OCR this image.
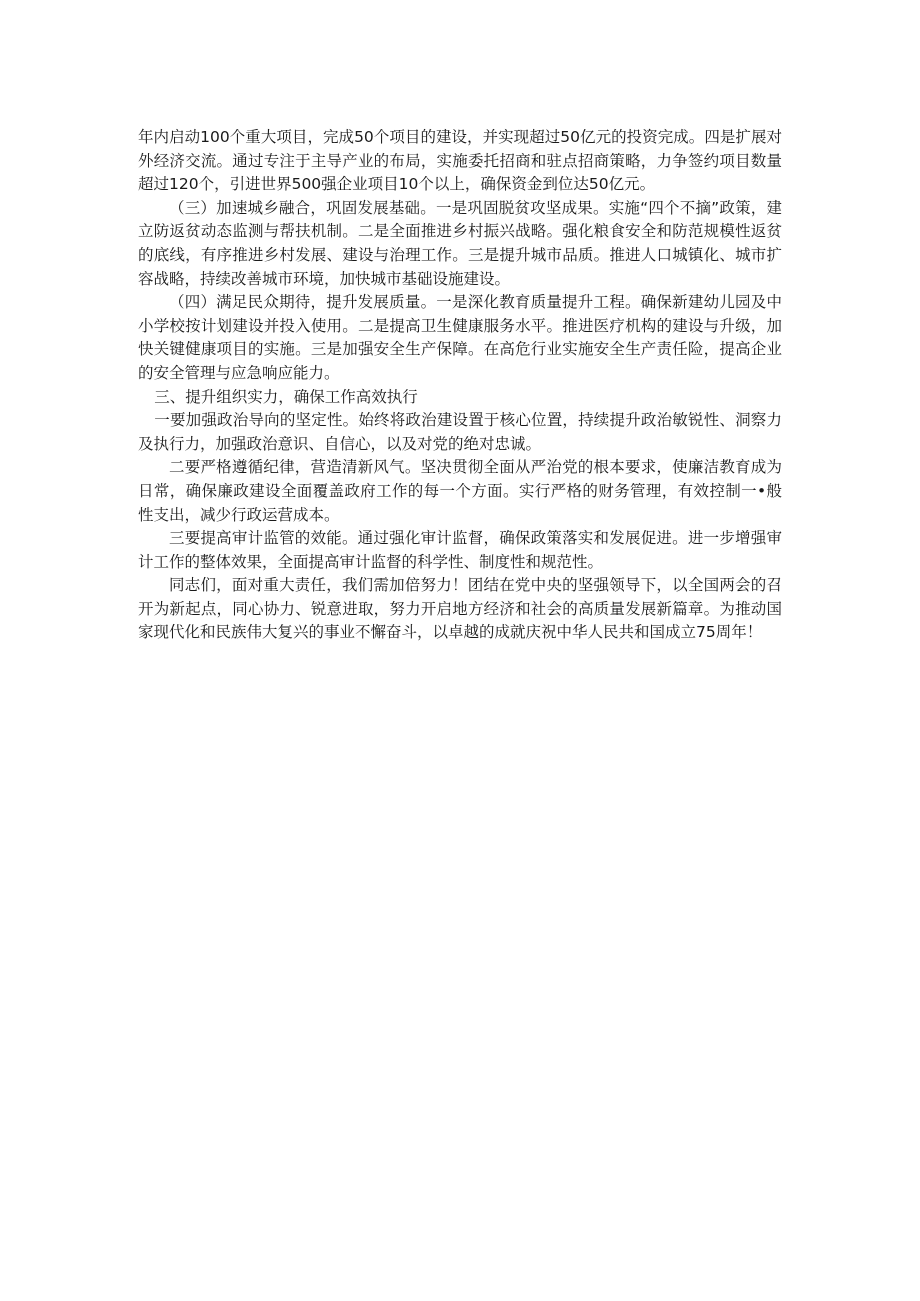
年内启动100个重大项目，完成50个项目的建设，并实现超过50亿元的投资完成。四是扩展对外经济交流。通过专注于主导产业的布局，实施委托招商和驻点招商策略，力争签约项目数量超过120个，引进世界500强企业项目10个以上，确保资金到位达50亿元。

（三）加速城乡融合，巩固发展基础。一是巩固脱贫攻坚成果。实施“四个不摘”政策，建立防返贫动态监测与帮扶机制。二是全面推进乡村振兴战略。强化粮食安全和防范规模性返贫的底线，有序推进乡村发展、建设与治理工作。三是提升城市品质。推进人口城镇化、城市扩容战略，持续改善城市环境，加快城市基础设施建设。

（四）满足民众期待，提升发展质量。一是深化教育质量提升工程。确保新建幼儿园及中小学校按计划建设并投入使用。二是提高卫生健康服务水平。推进医疗机构的建设与升级，加快关键健康项目的实施。三是加强安全生产保障。在高危行业实施安全生产责任险，提高企业的安全管理与应急响应能力。

三、提升组织实力，确保工作高效执行

一要加强政治导向的坚定性。始终将政治建设置于核心位置，持续提升政治敏锐性、洞察力及执行力，加强政治意识、自信心，以及对党的绝对忠诚。

二要严格遵循纪律，营造清新风气。坚决贯彻全面从严治党的根本要求，使廉洁教育成为日常，确保廉政建设全面覆盖政府工作的每一个方面。实行严格的财务管理，有效控制一•般性支出，减少行政运营成本。

三要提高审计监管的效能。通过强化审计监督，确保政策落实和发展促进。进一步增强审计工作的整体效果，全面提高审计监督的科学性、制度性和规范性。

同志们，面对重大责任，我们需加倍努力！团结在党中央的坚强领导下，以全国两会的召开为新起点，同心协力、锐意进取，努力开启地方经济和社会的高质量发展新篇章。为推动国家现代化和民族伟大复兴的事业不懈奋斗，以卓越的成就庆祝中华人民共和国成立75周年！
